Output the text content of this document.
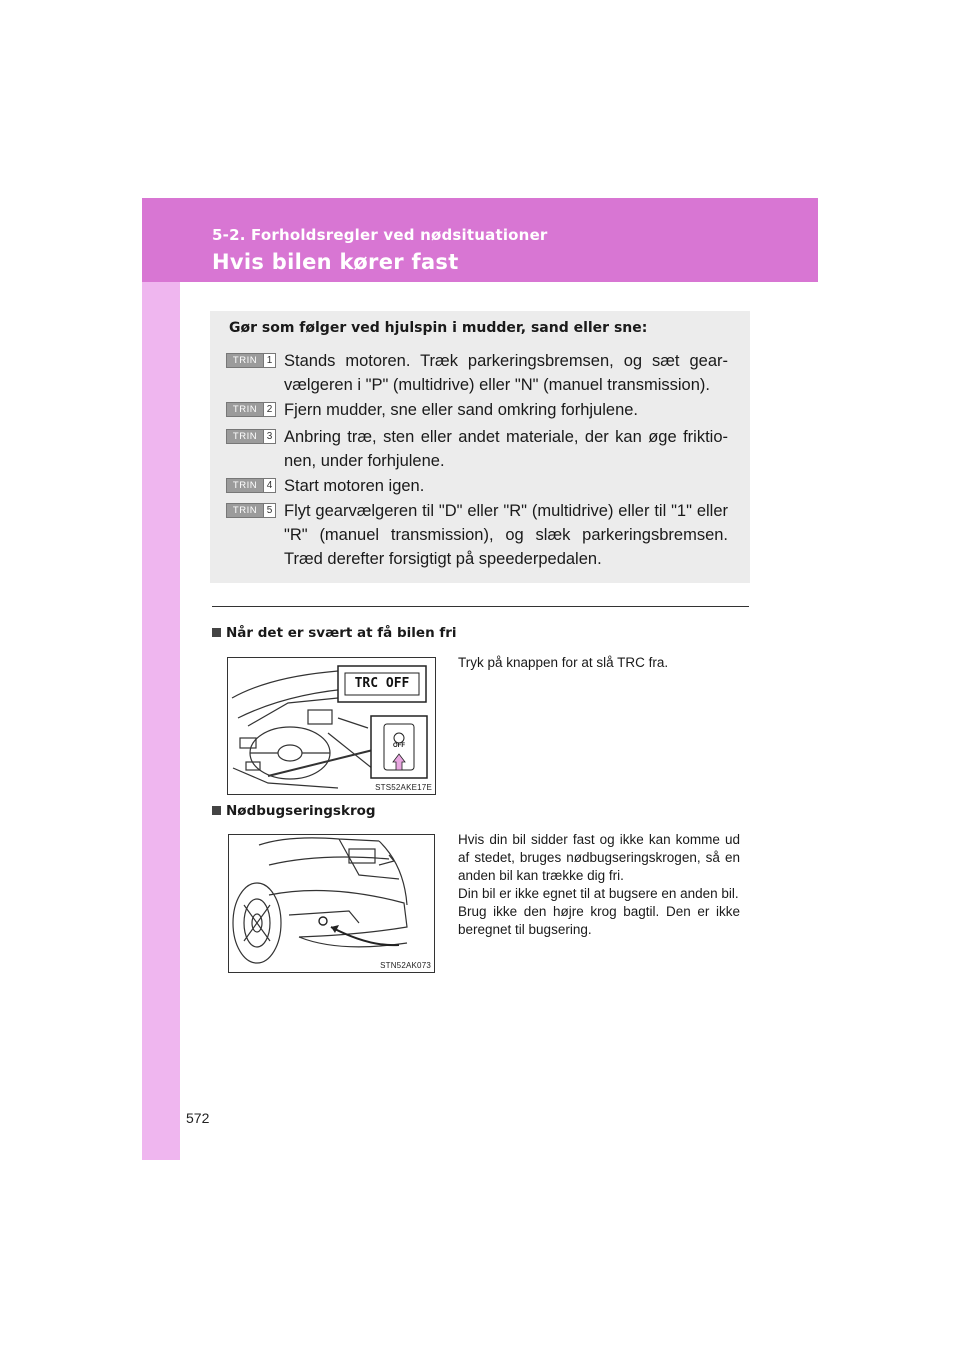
5-2. Forholdsregler ved nødsituationer
Hvis bilen kører fast
Gør som følger ved hjulspin i mudder, sand eller sne:
TRIN 1 Stands motoren. Træk parkeringsbremsen, og sæt gearvælgeren i "P" (multidrive) eller "N" (manuel transmission).
TRIN 2 Fjern mudder, sne eller sand omkring forhjulene.
TRIN 3 Anbring træ, sten eller andet materiale, der kan øge friktionen, under forhjulene.
TRIN 4 Start motoren igen.
TRIN 5 Flyt gearvælgeren til "D" eller "R" (multidrive) eller til "1" eller "R" (manuel transmission), og slæk parkeringsbremsen. Træd derefter forsigtigt på speederpedalen.
Når det er svært at få bilen fri
TRC OFF
OFF
STS52AKE17E
Tryk på knappen for at slå TRC fra.
Nødbugseringskrog
STN52AK073
Hvis din bil sidder fast og ikke kan komme ud af stedet, bruges nødbugseringskrogen, så en anden bil kan trække dig fri.
Din bil er ikke egnet til at bugsere en anden bil.
Brug ikke den højre krog bagtil. Den er ikke beregnet til bugsering.
572
